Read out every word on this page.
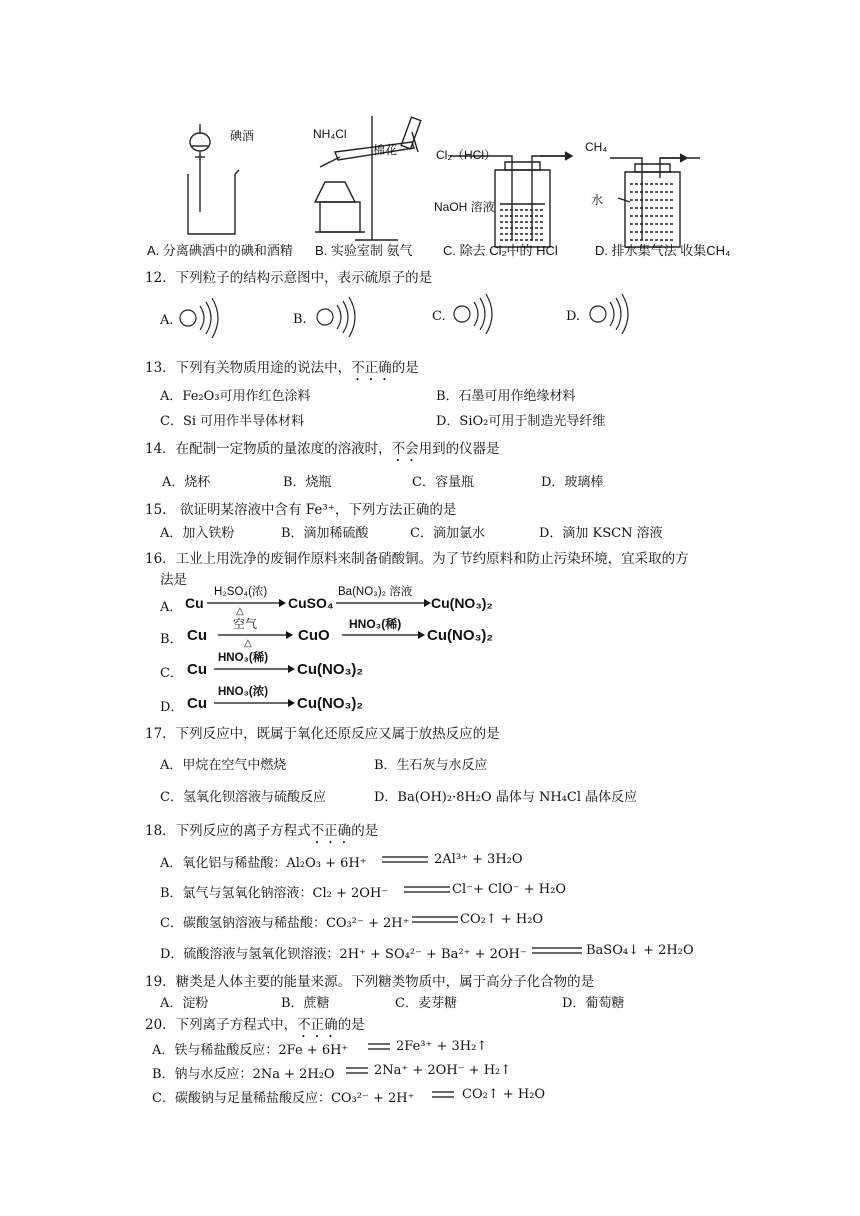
碘酒	NH₄Cl
棉花	Cl₂（HCl）
NaOH 溶液
CH₄
水
A. 分离碘酒中的碘和酒精 B. 实验室制 氨气 C. 除去 Cl₂中的 HCl	D. 排水集气法 收集CH₄
12．下列粒子的结构示意图中，表示硫原子的是
A.	B.	C.	D.
13．下列有关物质用途的说法中，不正确的是
A．Fe₂O₃可用作红色涂料	B．石墨可用作绝缘材料
C．Si 可用作半导体材料	D．SiO₂可用于制造光导纤维
14．在配制一定物质的量浓度的溶液时，不会用到的仪器是
A．烧杯	B．烧瓶	C．容量瓶	D．玻璃棒
15． 欲证明某溶液中含有 Fe³⁺，下列方法正确的是
A．加入铁粉	B．滴加稀硫酸	C．滴加氯水	D．滴加 KSCN 溶液
16．工业上用洗净的废铜作原料来制备硝酸铜。为了节约原料和防止污染环境，宜采取的方
法是
A． Cu
H₂SO₄(浓)
△
CuSO₄
Ba(NO₃)₂ 溶液
Cu(NO₃)₂
B． Cu
空气
△	CuO
HNO₃(稀)
Cu(NO₃)₂
C． Cu
HNO₃(稀)
Cu(NO₃)₂
D． Cu
HNO₃(浓)
Cu(NO₃)₂
17．下列反应中，既属于氧化还原反应又属于放热反应的是
A．甲烷在空气中燃烧	B．生石灰与水反应
C．氢氧化钡溶液与硫酸反应	D．Ba(OH)₂·8H₂O 晶体与 NH₄Cl 晶体反应
18．下列反应的离子方程式不正确的是
A．氧化铝与稀盐酸：Al₂O₃ + 6H⁺	2Al³⁺ + 3H₂O
B．氯气与氢氧化钠溶液：Cl₂ + 2OH⁻	Cl⁻+ ClO⁻ + H₂O
C．碳酸氢钠溶液与稀盐酸：CO₃²⁻ + 2H⁺	CO₂↑ + H₂O
D．硫酸溶液与氢氧化钡溶液：2H⁺ + SO₄²⁻ + Ba²⁺ + 2OH⁻	BaSO₄↓ + 2H₂O
19．糖类是人体主要的能量来源。下列糖类物质中，属于高分子化合物的是
A．淀粉	B．蔗糖	C．麦芽糖	D．葡萄糖
20．下列离子方程式中，不正确的是
A．铁与稀盐酸反应：2Fe + 6H⁺	2Fe³⁺ + 3H₂↑
B．钠与水反应：2Na + 2H₂O	2Na⁺ + 2OH⁻ + H₂↑
C．碳酸钠与足量稀盐酸反应：CO₃²⁻ + 2H⁺	CO₂↑ + H₂O
